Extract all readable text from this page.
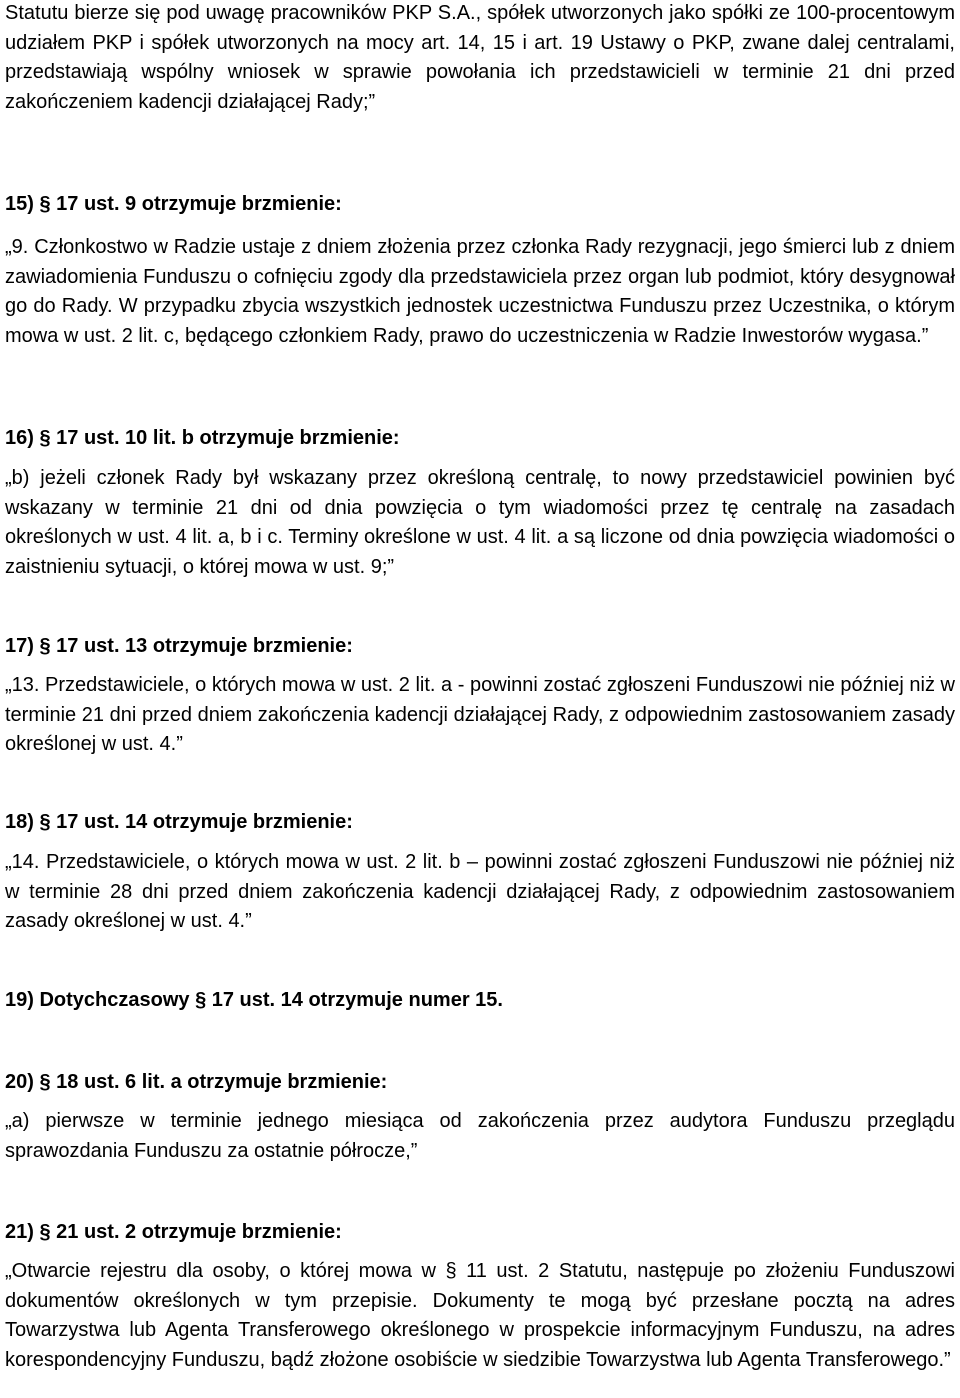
Statutu bierze się pod uwagę pracowników PKP S.A., spółek utworzonych jako spółki ze 100-procentowym udziałem PKP i spółek utworzonych na mocy art. 14, 15 i art. 19 Ustawy o PKP, zwane dalej centralami, przedstawiają wspólny wniosek w sprawie powołania ich przedstawicieli w terminie 21 dni przed zakończeniem kadencji działającej Rady;”
15) § 17 ust. 9 otrzymuje brzmienie:
„9. Członkostwo w Radzie ustaje z dniem złożenia przez członka Rady rezygnacji, jego śmierci lub z dniem zawiadomienia Funduszu o cofnięciu zgody dla przedstawiciela przez organ lub podmiot, który desygnował go do Rady. W przypadku zbycia wszystkich jednostek uczestnictwa Funduszu przez Uczestnika, o którym mowa w ust. 2 lit. c, będącego członkiem Rady, prawo do uczestniczenia w Radzie Inwestorów wygasa.”
16) § 17 ust. 10 lit. b otrzymuje brzmienie:
„b) jeżeli członek Rady był wskazany przez określoną centralę, to nowy przedstawiciel powinien być wskazany w terminie 21 dni od dnia powzięcia o tym wiadomości przez tę centralę na zasadach określonych w ust. 4 lit. a, b i c. Terminy określone w ust. 4 lit. a są liczone od dnia powzięcia wiadomości o zaistnieniu sytuacji, o której mowa w ust. 9;”
17) § 17 ust. 13 otrzymuje brzmienie:
„13. Przedstawiciele, o których mowa w ust. 2 lit. a - powinni zostać zgłoszeni Funduszowi nie później niż w terminie 21 dni przed dniem zakończenia kadencji działającej Rady, z odpowiednim zastosowaniem zasady określonej w ust. 4.”
18) § 17 ust. 14 otrzymuje brzmienie:
„14. Przedstawiciele, o których mowa w ust. 2 lit. b – powinni zostać zgłoszeni Funduszowi nie później niż w terminie 28 dni przed dniem zakończenia kadencji działającej Rady, z odpowiednim zastosowaniem zasady określonej w ust. 4.”
19) Dotychczasowy § 17 ust. 14 otrzymuje numer 15.
20) § 18 ust. 6 lit. a otrzymuje brzmienie:
„a) pierwsze w terminie jednego miesiąca od zakończenia przez audytora Funduszu przeglądu sprawozdania Funduszu za ostatnie półrocze,”
21) § 21 ust. 2 otrzymuje brzmienie:
„Otwarcie rejestru dla osoby, o której mowa w § 11 ust. 2 Statutu, następuje po złożeniu Funduszowi dokumentów określonych w tym przepisie. Dokumenty te mogą być przesłane pocztą na adres Towarzystwa lub Agenta Transferowego określonego w prospekcie informacyjnym Funduszu, na adres korespondencyjny Funduszu, bądź złożone osobiście w siedzibie Towarzystwa lub Agenta Transferowego.”
